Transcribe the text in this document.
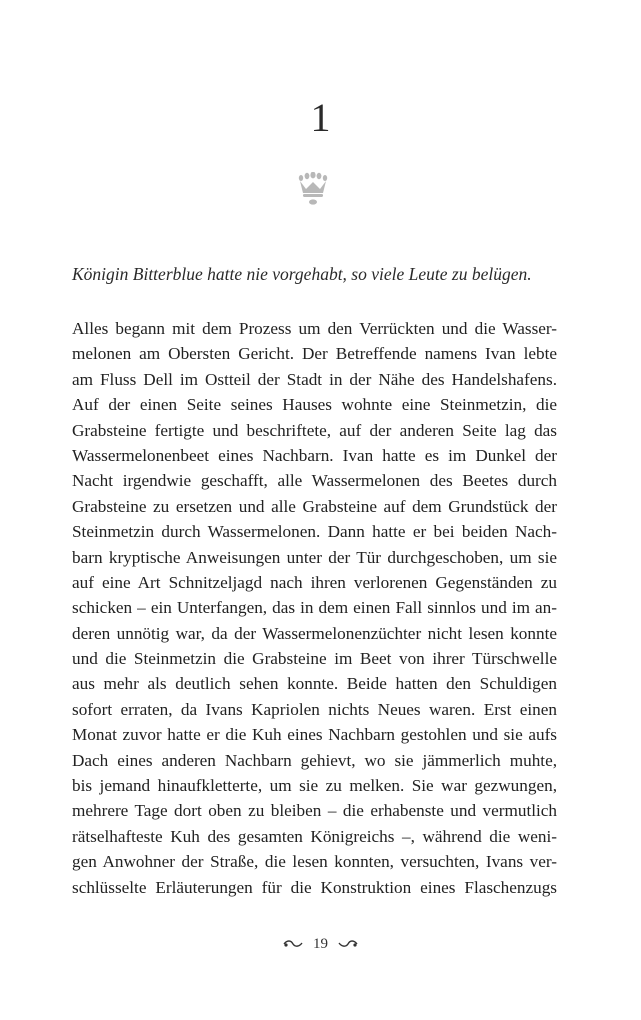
1
Königin Bitterblue hatte nie vorgehabt, so viele Leute zu belügen.
Alles begann mit dem Prozess um den Verrückten und die Wasser-
melonen am Obersten Gericht. Der Betreffende namens Ivan lebte
am Fluss Dell im Ostteil der Stadt in der Nähe des Handelshafens.
Auf der einen Seite seines Hauses wohnte eine Steinmetzin, die
Grabsteine fertigte und beschriftete, auf der anderen Seite lag das
Wassermelonenbeet eines Nachbarn. Ivan hatte es im Dunkel der
Nacht irgendwie geschafft, alle Wassermelonen des Beetes durch
Grabsteine zu ersetzen und alle Grabsteine auf dem Grundstück der
Steinmetzin durch Wassermelonen. Dann hatte er bei beiden Nach-
barn kryptische Anweisungen unter der Tür durchgeschoben, um sie
auf eine Art Schnitzeljagd nach ihren verlorenen Gegenständen zu
schicken – ein Unterfangen, das in dem einen Fall sinnlos und im an-
deren unnötig war, da der Wassermelonenzüchter nicht lesen konnte
und die Steinmetzin die Grabsteine im Beet von ihrer Türschwelle
aus mehr als deutlich sehen konnte. Beide hatten den Schuldigen
sofort erraten, da Ivans Kapriolen nichts Neues waren. Erst einen
Monat zuvor hatte er die Kuh eines Nachbarn gestohlen und sie aufs
Dach eines anderen Nachbarn gehievt, wo sie jämmerlich muhte,
bis jemand hinaufkletterte, um sie zu melken. Sie war gezwungen,
mehrere Tage dort oben zu bleiben – die erhabenste und vermutlich
rätselhafteste Kuh des gesamten Königreichs –, während die weni-
gen Anwohner der Straße, die lesen konnten, versuchten, Ivans ver-
schlüsselte Erläuterungen für die Konstruktion eines Flaschenzugs
19
